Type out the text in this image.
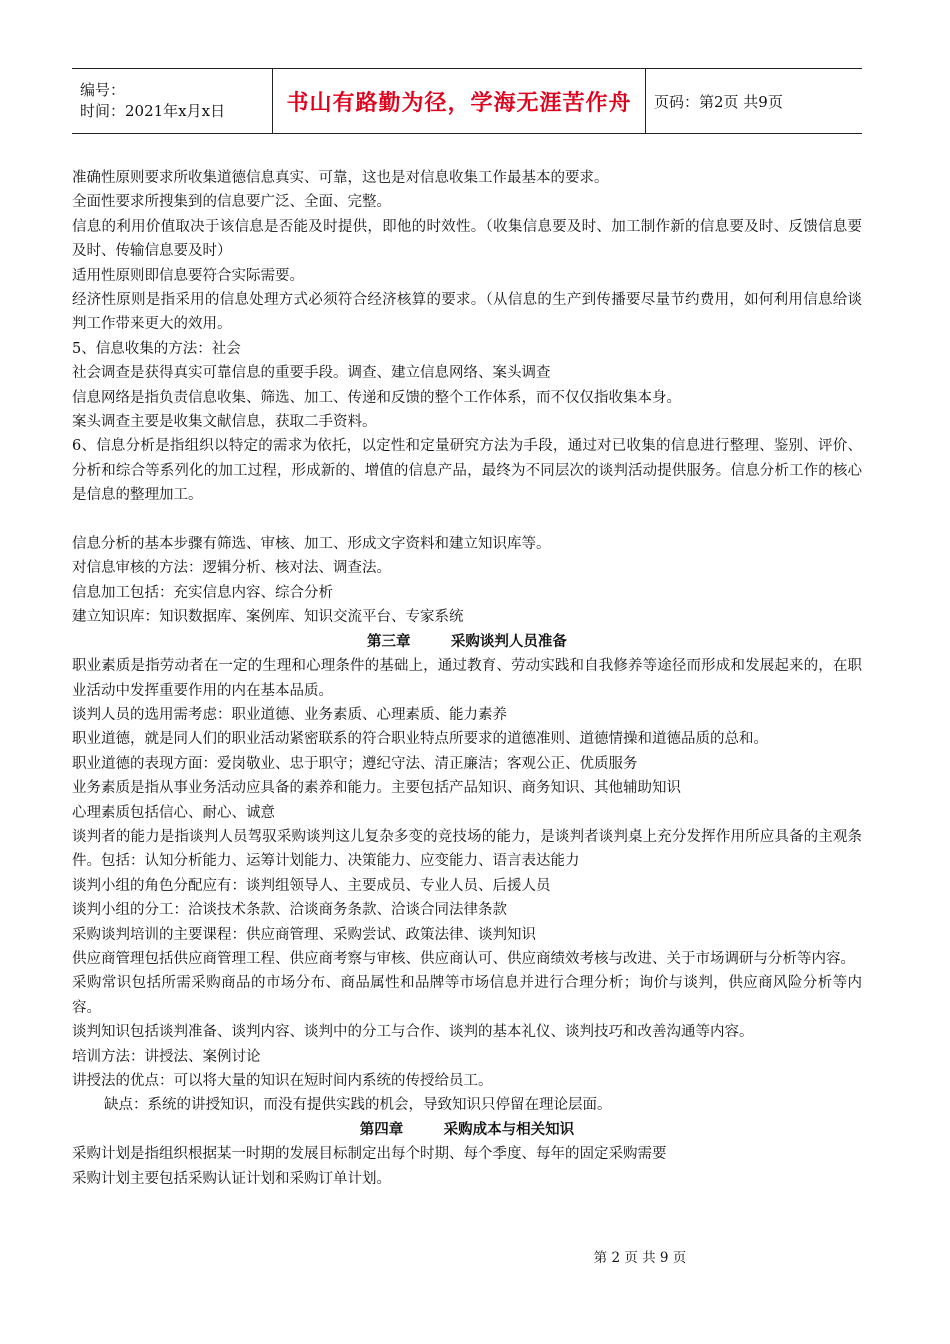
编号：
时间：2021年x月x日	书山有路勤为径，学海无涯苦作舟 页码：第2页 共9页

准确性原则要求所收集道德信息真实、可靠，这也是对信息收集工作最基本的要求。

全面性要求所搜集到的信息要广泛、全面、完整。

信息的利用价值取决于该信息是否能及时提供，即他的时效性。（收集信息要及时、加工制作新的信息要及时、反馈信息要及时、传输信息要及时）

适用性原则即信息要符合实际需要。

经济性原则是指采用的信息处理方式必须符合经济核算的要求。（从信息的生产到传播要尽量节约费用，如何利用信息给谈判工作带来更大的效用。

5、信息收集的方法：社会

社会调查是获得真实可靠信息的重要手段。调查、建立信息网络、案头调查

信息网络是指负责信息收集、筛选、加工、传递和反馈的整个工作体系，而不仅仅指收集本身。

案头调查主要是收集文献信息，获取二手资料。

6、信息分析是指组织以特定的需求为依托，以定性和定量研究方法为手段，通过对已收集的信息进行整理、鉴别、评价、分析和综合等系列化的加工过程，形成新的、增值的信息产品，最终为不同层次的谈判活动提供服务。信息分析工作的核心是信息的整理加工。

信息分析的基本步骤有筛选、审核、加工、形成文字资料和建立知识库等。

对信息审核的方法：逻辑分析、核对法、调查法。

信息加工包括：充实信息内容、综合分析

建立知识库：知识数据库、案例库、知识交流平台、专家系统

第三章        采购谈判人员准备

职业素质是指劳动者在一定的生理和心理条件的基础上，通过教育、劳动实践和自我修养等途径而形成和发展起来的，在职业活动中发挥重要作用的内在基本品质。

谈判人员的选用需考虑：职业道德、业务素质、心理素质、能力素养

职业道德，就是同人们的职业活动紧密联系的符合职业特点所要求的道德准则、道德情操和道德品质的总和。

职业道德的表现方面：爱岗敬业、忠于职守；遵纪守法、清正廉洁；客观公正、优质服务

业务素质是指从事业务活动应具备的素养和能力。主要包括产品知识、商务知识、其他辅助知识

心理素质包括信心、耐心、诚意

谈判者的能力是指谈判人员驾驭采购谈判这儿复杂多变的竞技场的能力，是谈判者谈判桌上充分发挥作用所应具备的主观条件。包括：认知分析能力、运筹计划能力、决策能力、应变能力、语言表达能力

谈判小组的角色分配应有：谈判组领导人、主要成员、专业人员、后援人员

谈判小组的分工：洽谈技术条款、洽谈商务条款、洽谈合同法律条款

采购谈判培训的主要课程：供应商管理、采购尝试、政策法律、谈判知识

供应商管理包括供应商管理工程、供应商考察与审核、供应商认可、供应商绩效考核与改进、关于市场调研与分析等内容。

采购常识包括所需采购商品的市场分布、商品属性和品牌等市场信息并进行合理分析；询价与谈判，供应商风险分析等内容。

谈判知识包括谈判准备、谈判内容、谈判中的分工与合作、谈判的基本礼仪、谈判技巧和改善沟通等内容。

培训方法：讲授法、案例讨论

讲授法的优点：可以将大量的知识在短时间内系统的传授给员工。

缺点：系统的讲授知识，而没有提供实践的机会，导致知识只停留在理论层面。

第四章        采购成本与相关知识

采购计划是指组织根据某一时期的发展目标制定出每个时期、每个季度、每年的固定采购需要

采购计划主要包括采购认证计划和采购订单计划。

第 2 页 共 9 页
